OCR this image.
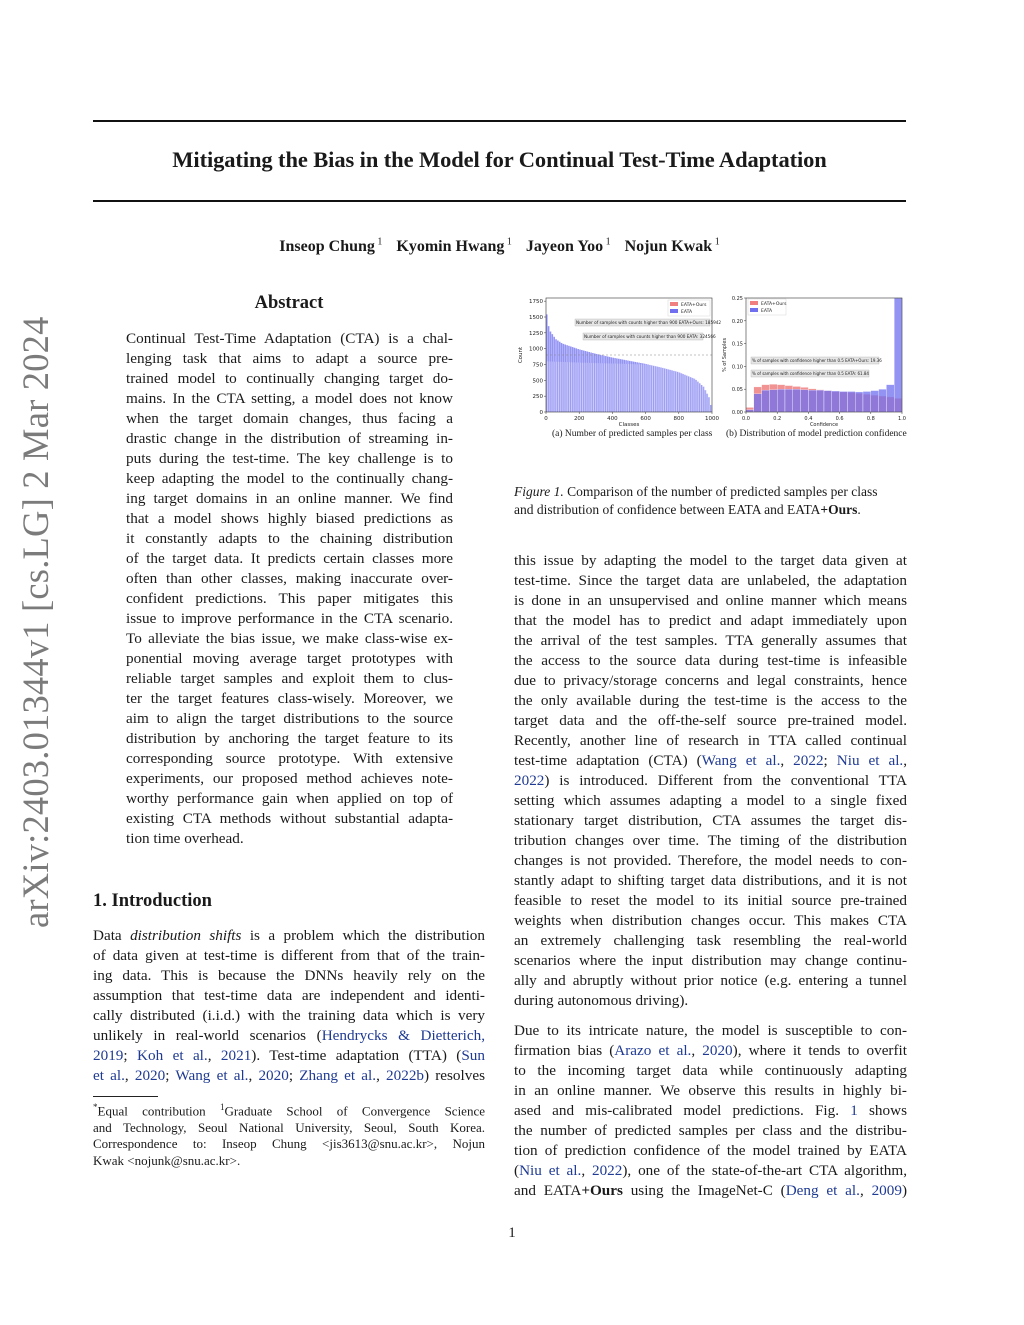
Mitigating the Bias in the Model for Continual Test-Time Adaptation
Inseop Chung $^1$ Kyomin Hwang $^1$ Jayeon Yoo $^1$ Nojun Kwak $^1$
arXiv:2403.01344v1 [cs.LG] 2 Mar 2024
Abstract
Continual Test-Time Adaptation (CTA) is a chal-
lenging task that aims to adapt a source pre-
trained model to continually changing target do-
mains. In the CTA setting, a model does not know
when the target domain changes, thus facing a
drastic change in the distribution of streaming in-
puts during the test-time. The key challenge is to
keep adapting the model to the continually chang-
ing target domains in an online manner. We find
that a model shows highly biased predictions as
it constantly adapts to the chaining distribution
of the target data. It predicts certain classes more
often than other classes, making inaccurate over-
confident predictions. This paper mitigates this
issue to improve performance in the CTA scenario.
To alleviate the bias issue, we make class-wise ex-
ponential moving average target prototypes with
reliable target samples and exploit them to clus-
ter the target features class-wisely. Moreover, we
aim to align the target distributions to the source
distribution by anchoring the target feature to its
corresponding source prototype. With extensive
experiments, our proposed method achieves note-
worthy performance gain when applied on top of
existing CTA methods without substantial adapta-
tion time overhead.
1. Introduction
Data distribution shifts is a problem which the distribution
of data given at test-time is different from that of the train-
ing data. This is because the DNNs heavily rely on the
assumption that test-time data are independent and identi-
cally distributed (i.i.d.) with the training data which is very
unlikely in real-world scenarios (Hendrycks & Dietterich,
2019; Koh et al., 2021). Test-time adaptation (TTA) (Sun
et al., 2020; Wang et al., 2020; Zhang et al., 2022b) resolves
*Equal contribution $^1$Graduate School of Convergence Science
and Technology, Seoul National University, Seoul, South Korea.
Correspondence to: Inseop Chung <jis3613@snu.ac.kr>, Nojun
Kwak <nojunk@snu.ac.kr>.
0	200	400	600	800	1000
0
250
500
750
1000
1250
1500
1750
Classes
Count
EATA+Ours
EATA
Number of samples with counts higher than 900 EATA+Ours: 185942
Number of samples with counts higher than 900 EATA: 324566
0.0	0.2	0.4	0.6	0.8	1.0
0.00
0.05
0.10
0.15
0.20
0.25
Confidence
% of Samples
EATA+Ours
EATA
% of samples with confidence higher than 0.5 EATA+Ours: 19.36
% of samples with confidence higher than 0.5 EATA: 61.84
(a) Number of predicted samples per class (b) Distribution of model prediction confidence
Figure 1. Comparison of the number of predicted samples per class
and distribution of confidence between EATA and EATA+Ours.
this issue by adapting the model to the target data given at
test-time. Since the target data are unlabeled, the adaptation
is done in an unsupervised and online manner which means
that the model has to predict and adapt immediately upon
the arrival of the test samples. TTA generally assumes that
the access to the source data during test-time is infeasible
due to privacy/storage concerns and legal constraints, hence
the only available during the test-time is the access to the
target data and the off-the-self source pre-trained model.
Recently, another line of research in TTA called continual
test-time adaptation (CTA) (Wang et al., 2022; Niu et al.,
2022) is introduced. Different from the conventional TTA
setting which assumes adapting a model to a single fixed
stationary target distribution, CTA assumes the target dis-
tribution changes over time. The timing of the distribution
changes is not provided. Therefore, the model needs to con-
stantly adapt to shifting target data distributions, and it is not
feasible to reset the model to its initial source pre-trained
weights when distribution changes occur. This makes CTA
an extremely challenging task resembling the real-world
scenarios where the input distribution may change continu-
ally and abruptly without prior notice (e.g. entering a tunnel
during autonomous driving).
Due to its intricate nature, the model is susceptible to con-
firmation bias (Arazo et al., 2020), where it tends to overfit
to the incoming target data while continuously adapting
in an online manner. We observe this results in highly bi-
ased and mis-calibrated model predictions. Fig. 1 shows
the number of predicted samples per class and the distribu-
tion of prediction confidence of the model trained by EATA
(Niu et al., 2022), one of the state-of-the-art CTA algorithm,
and EATA+Ours using the ImageNet-C (Deng et al., 2009)
1
